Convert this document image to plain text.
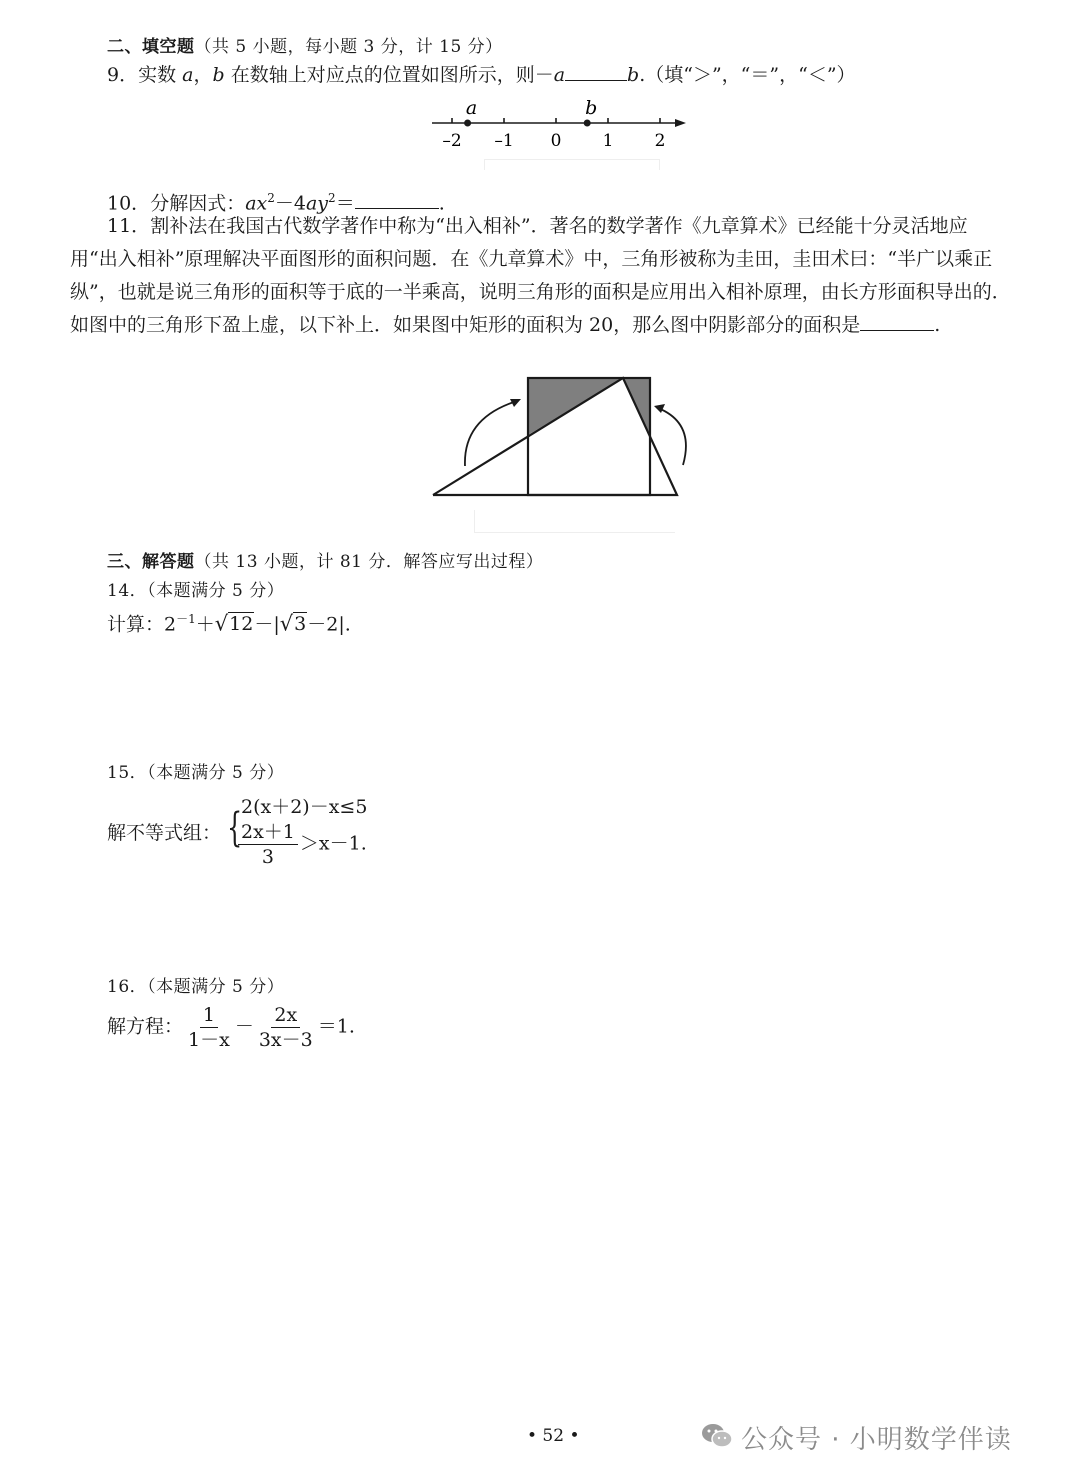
二、填空题（共 5 小题，每小题 3 分，计 15 分）
9．实数 a，b 在数轴上对应点的位置如图所示，则－a	b.（填“＞”，“＝”，“＜”）
–2 –1 0 1 2
a	b
10．分解因式：$ax^2-4ay^2=$	.
11．割补法在我国古代数学著作中称为“出入相补”．著名的数学著作《九章算术》已经能十分灵活地应用“出入相补”原理解决平面图形的面积问题．在《九章算术》中，三角形被称为圭田，圭田术曰：“半广以乘正纵”，也就是说三角形的面积等于底的一半乘高，说明三角形的面积是应用出入相补原理，由长方形面积导出的．如图中的三角形下盈上虚，以下补上．如果图中矩形的面积为 20，那么图中阴影部分的面积是	.
三、解答题（共 13 小题，计 81 分．解答应写出过程）
14．（本题满分 5 分）
计算：$2^{-1}+√12-|√3-2|$.
15．（本题满分 5 分）
解不等式组： {
2(x＋2)－x≤5
$\frac{2x+1}{3} >x-1$.
16．（本题满分 5 分）
解方程： $\frac{1}{1-x} - \frac{2x}{3x-3} =1$.
• 52 •	公众号 · 小明数学伴读
